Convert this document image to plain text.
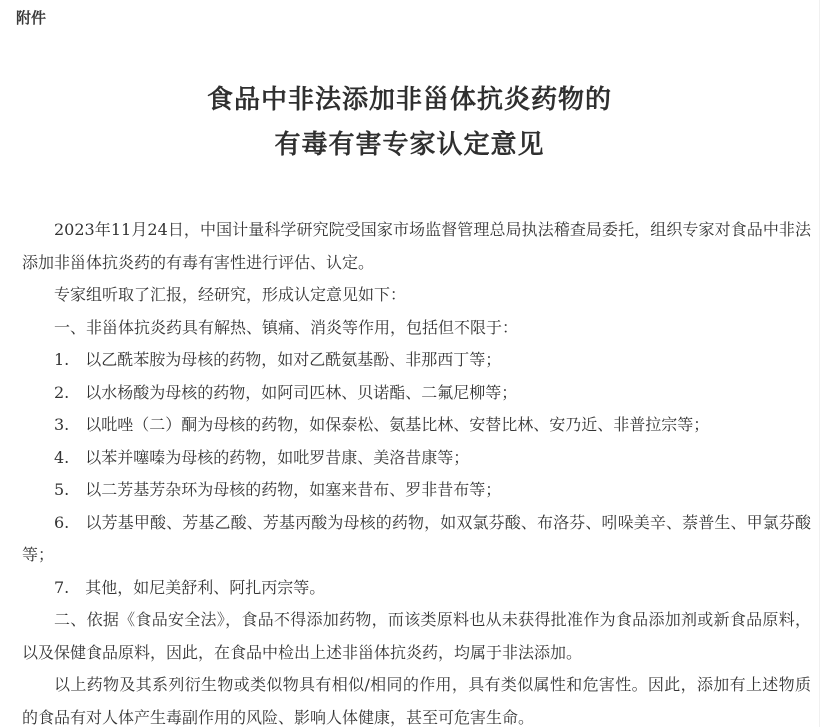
附件
食品中非法添加非甾体抗炎药物的
有毒有害专家认定意见

2023年11月24日，中国计量科学研究院受国家市场监督管理总局执法稽查局委托，组织专家对食品中非法添加非甾体抗炎药的有毒有害性进行评估、认定。

专家组听取了汇报，经研究，形成认定意见如下：

一、非甾体抗炎药具有解热、镇痛、消炎等作用，包括但不限于：

1.　以乙酰苯胺为母核的药物，如对乙酰氨基酚、非那西丁等；

2.　以水杨酸为母核的药物，如阿司匹林、贝诺酯、二氟尼柳等；

3.　以吡唑（二）酮为母核的药物，如保泰松、氨基比林、安替比林、安乃近、非普拉宗等；

4.　以苯并噻嗪为母核的药物，如吡罗昔康、美洛昔康等；

5.　以二芳基芳杂环为母核的药物，如塞来昔布、罗非昔布等；

6.　以芳基甲酸、芳基乙酸、芳基丙酸为母核的药物，如双氯芬酸、布洛芬、吲哚美辛、萘普生、甲氯芬酸等；

7.　其他，如尼美舒利、阿扎丙宗等。

二、依据《食品安全法》，食品不得添加药物，而该类原料也从未获得批准作为食品添加剂或新食品原料，以及保健食品原料，因此，在食品中检出上述非甾体抗炎药，均属于非法添加。

以上药物及其系列衍生物或类似物具有相似/相同的作用，具有类似属性和危害性。因此，添加有上述物质的食品有对人体产生毒副作用的风险、影响人体健康，甚至可危害生命。
